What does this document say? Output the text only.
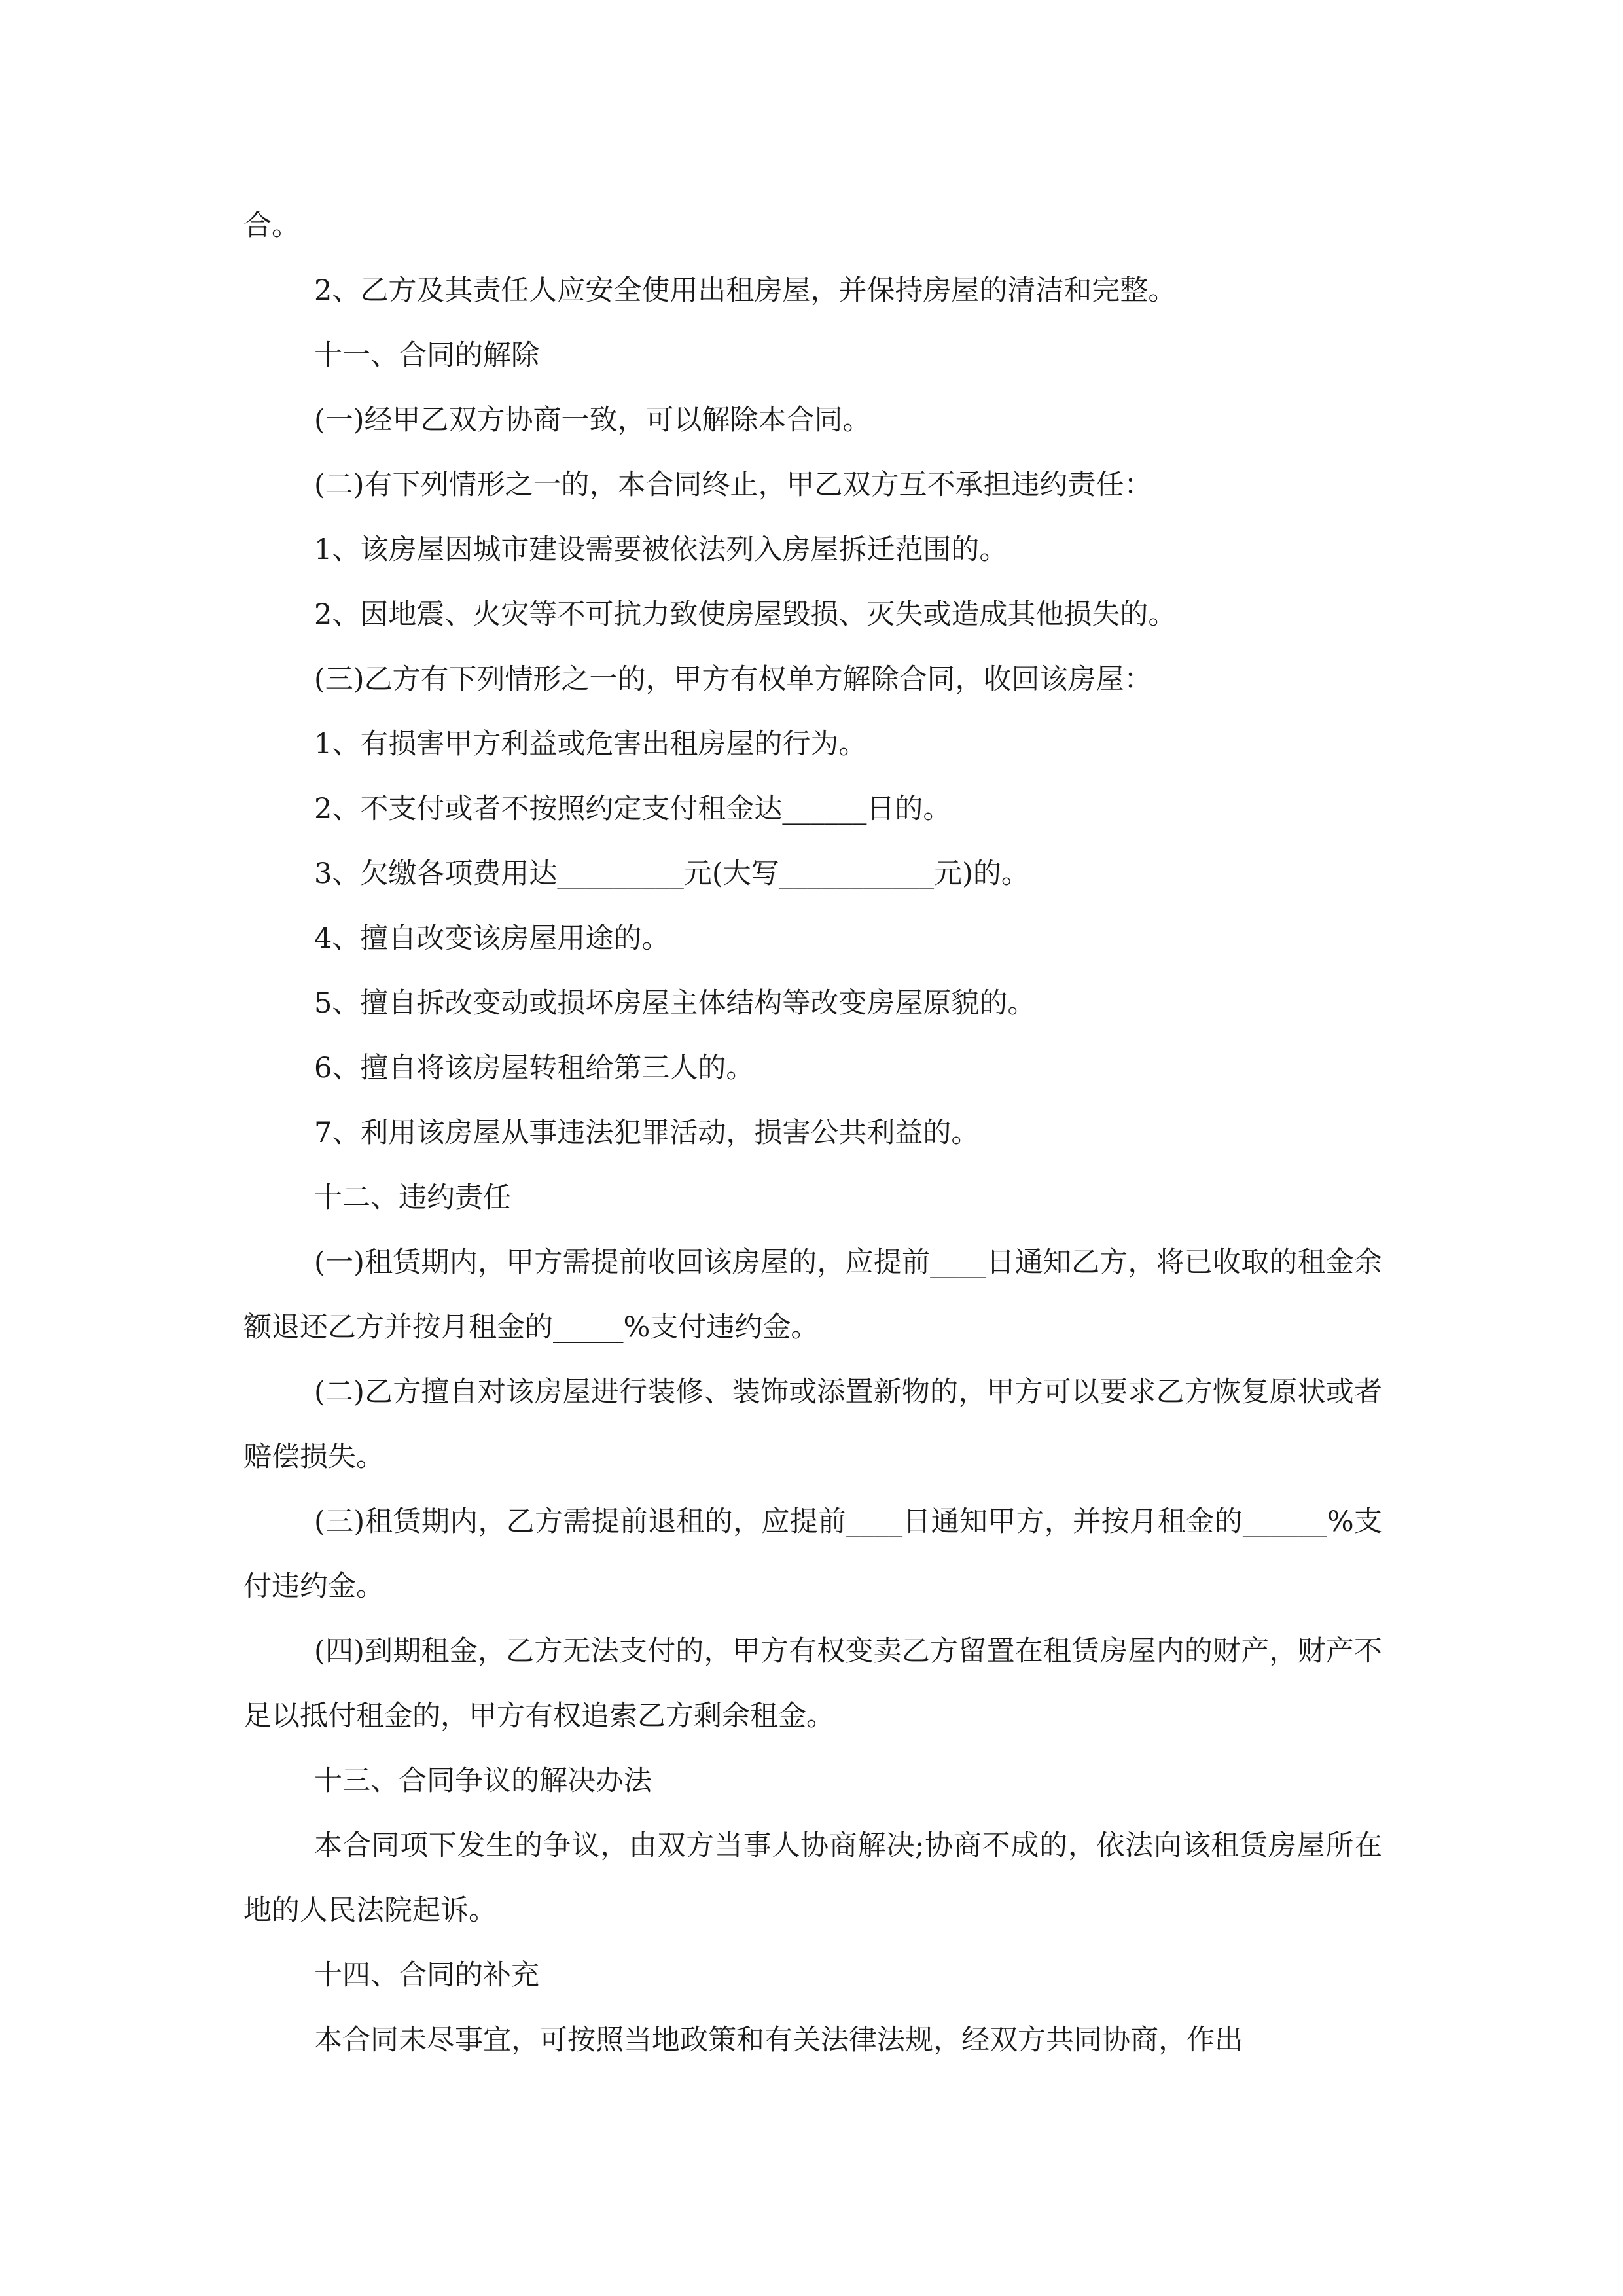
合。

2、乙方及其责任人应安全使用出租房屋，并保持房屋的清洁和完整。

十一、合同的解除

(一)经甲乙双方协商一致，可以解除本合同。

(二)有下列情形之一的，本合同终止，甲乙双方互不承担违约责任：

1、该房屋因城市建设需要被依法列入房屋拆迁范围的。

2、因地震、火灾等不可抗力致使房屋毁损、灭失或造成其他损失的。

(三)乙方有下列情形之一的，甲方有权单方解除合同，收回该房屋：

1、有损害甲方利益或危害出租房屋的行为。

2、不支付或者不按照约定支付租金达______日的。

3、欠缴各项费用达_________元(大写___________元)的。

4、擅自改变该房屋用途的。

5、擅自拆改变动或损坏房屋主体结构等改变房屋原貌的。

6、擅自将该房屋转租给第三人的。

7、利用该房屋从事违法犯罪活动，损害公共利益的。

十二、违约责任

(一)租赁期内，甲方需提前收回该房屋的，应提前____日通知乙方，将已收取的租金余额退还乙方并按月租金的_____%支付违约金。

(二)乙方擅自对该房屋进行装修、装饰或添置新物的，甲方可以要求乙方恢复原状或者赔偿损失。

(三)租赁期内，乙方需提前退租的，应提前____日通知甲方，并按月租金的______%支付违约金。

(四)到期租金，乙方无法支付的，甲方有权变卖乙方留置在租赁房屋内的财产，财产不足以抵付租金的，甲方有权追索乙方剩余租金。

十三、合同争议的解决办法

本合同项下发生的争议，由双方当事人协商解决;协商不成的，依法向该租赁房屋所在地的人民法院起诉。

十四、合同的补充

本合同未尽事宜，可按照当地政策和有关法律法规，经双方共同协商，作出
